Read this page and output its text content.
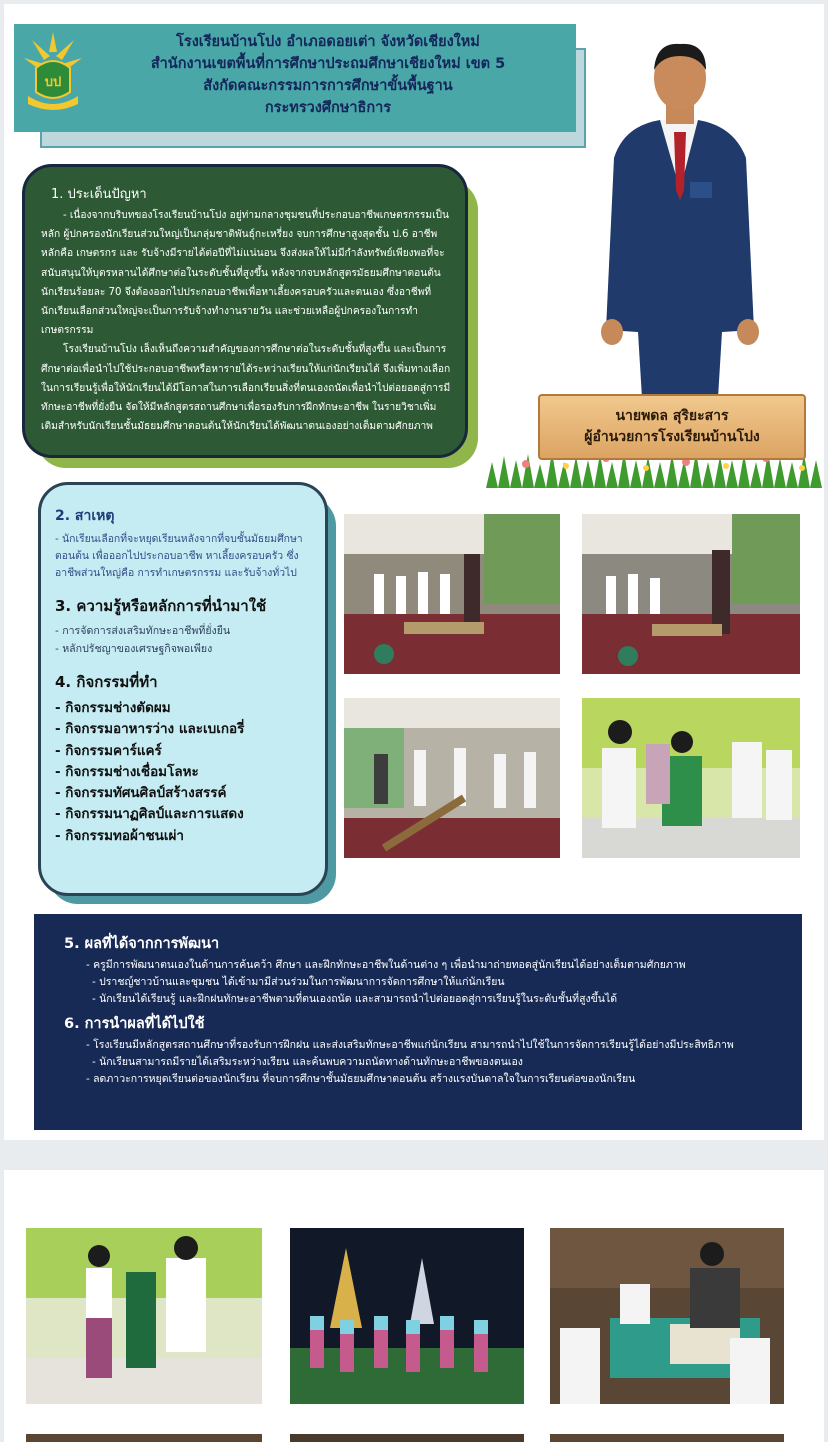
บป
โรงเรียนบ้านโปง อำเภอดอยเต่า จังหวัดเชียงใหม่
สำนักงานเขตพื้นที่การศึกษาประถมศึกษาเชียงใหม่ เขต 5
สังกัดคณะกรรมการการศึกษาขั้นพื้นฐาน
กระทรวงศึกษาธิการ
นายพดล สุริยะสาร
ผู้อำนวยการโรงเรียนบ้านโปง
1. ประเด็นปัญหา

- เนื่องจากบริบทของโรงเรียนบ้านโปง อยู่ท่ามกลางชุมชนที่ประกอบอาชีพเกษตรกรรมเป็นหลัก ผู้ปกครองนักเรียนส่วนใหญ่เป็นกลุ่มชาติพันธุ์กะเหรี่ยง จบการศึกษาสูงสุดชั้น ป.6 อาชีพหลักคือ เกษตรกร และ รับจ้างมีรายได้ต่อปีที่ไม่แน่นอน จึงส่งผลให้ไม่มีกำลังทรัพย์เพียงพอที่จะสนับสนุนให้บุตรหลานได้ศึกษาต่อในระดับชั้นที่สูงขึ้น หลังจากจบหลักสูตรมัธยมศึกษาตอนต้น นักเรียนร้อยละ 70 จึงต้องออกไปประกอบอาชีพเพื่อหาเลี้ยงครอบครัวและตนเอง ซึ่งอาชีพที่นักเรียนเลือกส่วนใหญ่จะเป็นการรับจ้างทำงานรายวัน และช่วยเหลือผู้ปกครองในการทำเกษตรกรรม

โรงเรียนบ้านโปง เล็งเห็นถึงความสำคัญของการศึกษาต่อในระดับชั้นที่สูงขึ้น และเป็นการศึกษาต่อเพื่อนำไปใช้ประกอบอาชีพหรือหารายได้ระหว่างเรียนให้แก่นักเรียนได้ จึงเพิ่มทางเลือกในการเรียนรู้เพื่อให้นักเรียนได้มีโอกาสในการเลือกเรียนสิ่งที่ตนเองถนัดเพื่อนำไปต่อยอดสู่การมีทักษะอาชีพที่ยั่งยืน จัดให้มีหลักสูตรสถานศึกษาเพื่อรองรับการฝึกทักษะอาชีพ ในรายวิชาเพิ่มเติมสำหรับนักเรียนชั้นมัธยมศึกษาตอนต้นให้นักเรียนได้พัฒนาตนเองอย่างเต็มตามศักยภาพ

2. สาเหตุ
- นักเรียนเลือกที่จะหยุดเรียนหลังจากที่จบชั้นมัธยมศึกษาตอนต้น เพื่อออกไปประกอบอาชีพ หาเลี้ยงครอบครัว ซึ่งอาชีพส่วนใหญ่คือ การทำเกษตรกรรม และรับจ้างทั่วไป
3. ความรู้หรือหลักการที่นำมาใช้
- การจัดการส่งเสริมทักษะอาชีพที่ยั่งยืน
- หลักปรัชญาของเศรษฐกิจพอเพียง
4. กิจกรรมที่ทำ
- กิจกรรมช่างตัดผม
- กิจกรรมอาหารว่าง และเบเกอรี่
- กิจกรรมคาร์แคร์
- กิจกรรมช่างเชื่อมโลหะ
- กิจกรรมทัศนศิลป์สร้างสรรค์
- กิจกรรมนาฏศิลป์และการแสดง
- กิจกรรมทอผ้าชนเผ่า
5. ผลที่ได้จากการพัฒนา

- ครูมีการพัฒนาตนเองในด้านการค้นคว้า ศึกษา และฝึกทักษะอาชีพในด้านต่าง ๆ เพื่อนำมาถ่ายทอดสู่นักเรียนได้อย่างเต็มตามศักยภาพ

- ปราชญ์ชาวบ้านและชุมชน ได้เข้ามามีส่วนร่วมในการพัฒนาการจัดการศึกษาให้แก่นักเรียน

- นักเรียนได้เรียนรู้ และฝึกฝนทักษะอาชีพตามที่ตนเองถนัด และสามารถนำไปต่อยอดสู่การเรียนรู้ในระดับชั้นที่สูงขึ้นได้

6. การนำผลที่ได้ไปใช้

- โรงเรียนมีหลักสูตรสถานศึกษาที่รองรับการฝึกฝน และส่งเสริมทักษะอาชีพแก่นักเรียน สามารถนำไปใช้ในการจัดการเรียนรู้ได้อย่างมีประสิทธิภาพ

- นักเรียนสามารถมีรายได้เสริมระหว่างเรียน และค้นพบความถนัดทางด้านทักษะอาชีพของตนเอง

- ลดภาวะการหยุดเรียนต่อของนักเรียน ที่จบการศึกษาชั้นมัธยมศึกษาตอนต้น สร้างแรงบันดาลใจในการเรียนต่อของนักเรียน
